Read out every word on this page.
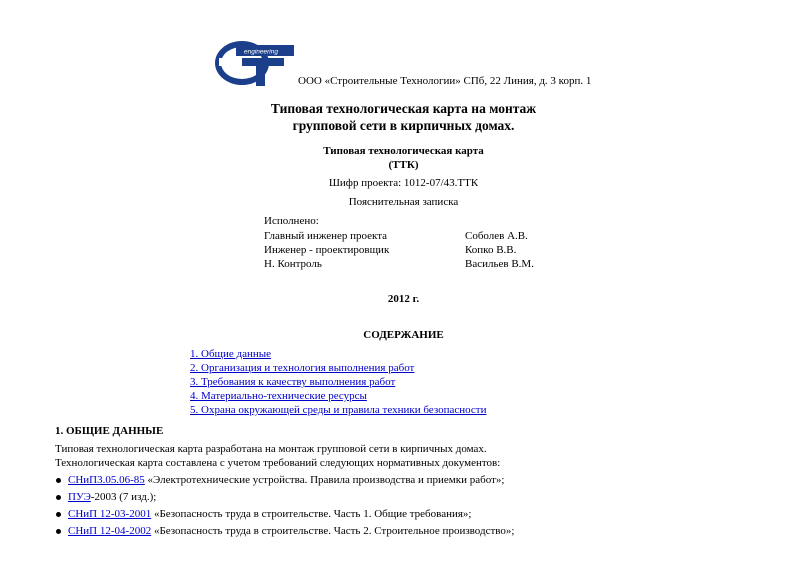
engineering
ООО «Строительные Технологии» СПб, 22 Линия, д. 3 корп. 1
Типовая технологическая карта на монтаж
групповой сети в кирпичных домах.
Типовая технологическая карта
(ТТК)
Шифр проекта: 1012-07/43.ТТК
Пояснительная записка
Исполнено:
Главный инженер проекта	Соболев А.В.
Инженер - проектировщик	Копко В.В.
Н. Контроль	Васильев В.М.
2012 г.
СОДЕРЖАНИЕ
1. Общие данные
2. Организация и технология выполнения работ
3. Требования к качеству выполнения работ
4. Материально-технические ресурсы
5. Охрана окружающей среды и правила техники безопасности
1. ОБЩИЕ ДАННЫЕ
Типовая технологическая карта разработана на монтаж групповой сети в кирпичных домах.
Технологическая карта составлена с учетом требований следующих нормативных документов:
СНиП3.05.06-85 «Электротехнические устройства. Правила производства и приемки работ»;
ПУЭ-2003 (7 изд.);
СНиП 12-03-2001 «Безопасность труда в строительстве. Часть 1. Общие требования»;
СНиП 12-04-2002 «Безопасность труда в строительстве. Часть 2. Строительное производство»;
